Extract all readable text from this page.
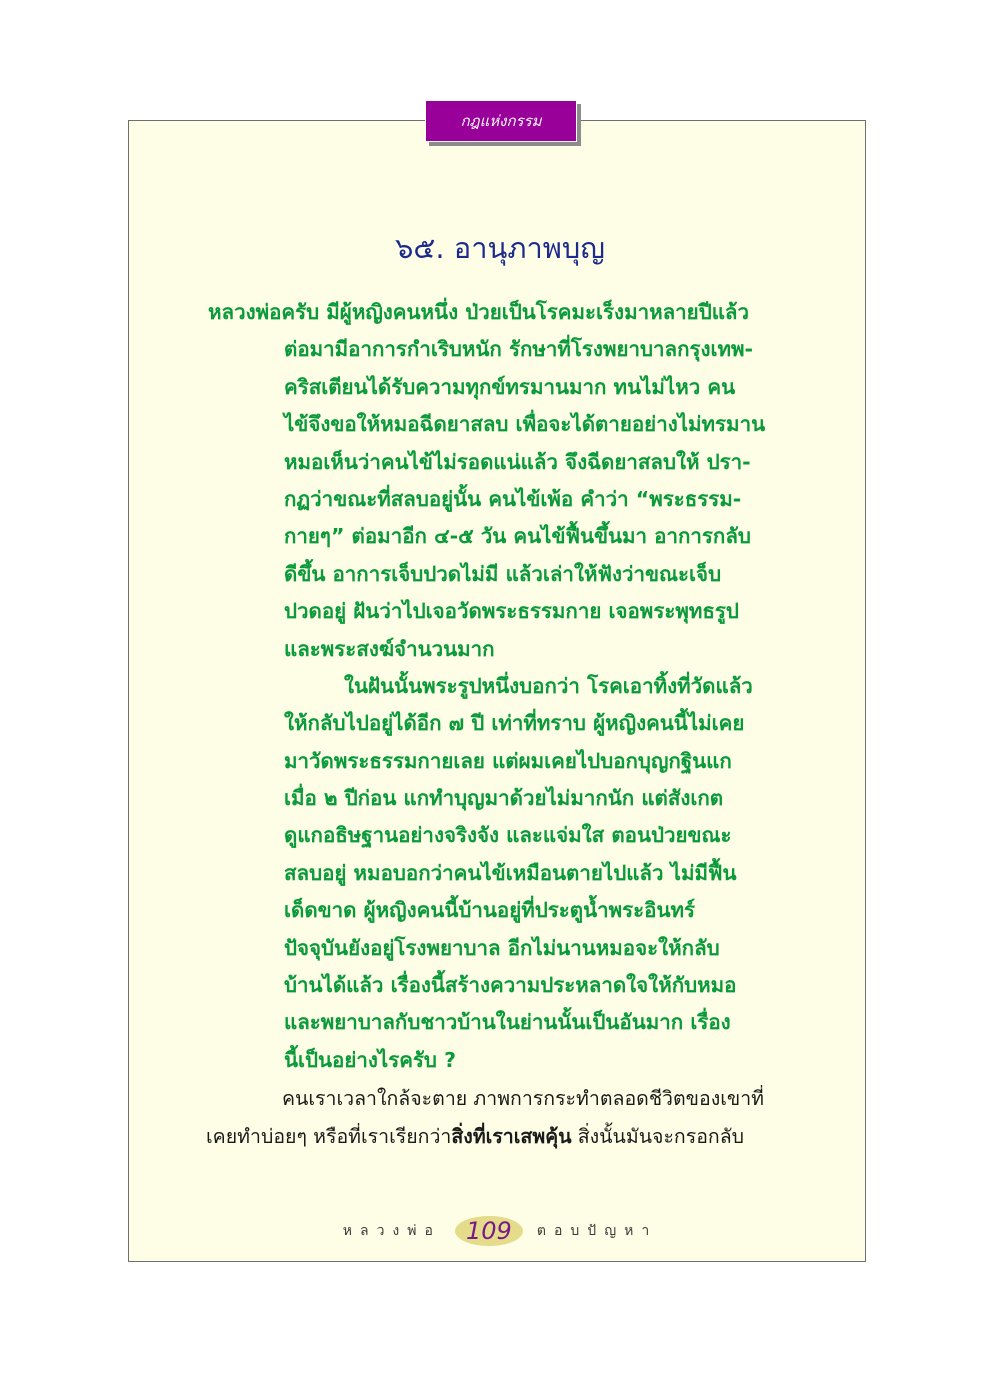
กฎแห่งกรรม
๖๕. อานุภาพบุญ
หลวงพ่อครับ มีผู้หญิงคนหนึ่ง ป่วยเป็นโรคมะเร็งมาหลายปีแล้ว
ต่อมามีอาการกำเริบหนัก รักษาที่โรงพยาบาลกรุงเทพ-
คริสเตียนได้รับความทุกข์ทรมานมาก ทนไม่ไหว คน
ไข้จึงขอให้หมอฉีดยาสลบ เพื่อจะได้ตายอย่างไม่ทรมาน
หมอเห็นว่าคนไข้ไม่รอดแน่แล้ว จึงฉีดยาสลบให้ ปรา-
กฏว่าขณะที่สลบอยู่นั้น คนไข้เพ้อ คำว่า “พระธรรม-
กายๆ” ต่อมาอีก ๔-๕ วัน คนไข้ฟื้นขึ้นมา อาการกลับ
ดีขึ้น อาการเจ็บปวดไม่มี แล้วเล่าให้ฟังว่าขณะเจ็บ
ปวดอยู่ ฝันว่าไปเจอวัดพระธรรมกาย เจอพระพุทธรูป
และพระสงฆ์จำนวนมาก
ในฝันนั้นพระรูปหนึ่งบอกว่า โรคเอาทิ้งที่วัดแล้ว
ให้กลับไปอยู่ได้อีก ๗ ปี เท่าที่ทราบ ผู้หญิงคนนี้ไม่เคย
มาวัดพระธรรมกายเลย แต่ผมเคยไปบอกบุญกฐินแก
เมื่อ ๒ ปีก่อน แกทำบุญมาด้วยไม่มากนัก แต่สังเกต
ดูแกอธิษฐานอย่างจริงจัง และแจ่มใส ตอนป่วยขณะ
สลบอยู่ หมอบอกว่าคนไข้เหมือนตายไปแล้ว ไม่มีฟื้น
เด็ดขาด ผู้หญิงคนนี้บ้านอยู่ที่ประตูน้ำพระอินทร์
ปัจจุบันยังอยู่โรงพยาบาล อีกไม่นานหมอจะให้กลับ
บ้านได้แล้ว เรื่องนี้สร้างความประหลาดใจให้กับหมอ
และพยาบาลกับชาวบ้านในย่านนั้นเป็นอันมาก เรื่อง
นี้เป็นอย่างไรครับ ?
คนเราเวลาใกล้จะตาย ภาพการกระทำตลอดชีวิตของเขาที่
เคยทำบ่อยๆ หรือที่เราเรียกว่าสิ่งที่เราเสพคุ้น สิ่งนั้นมันจะกรอกลับ
หลวงพ่อ	109	ตอบปัญหา
